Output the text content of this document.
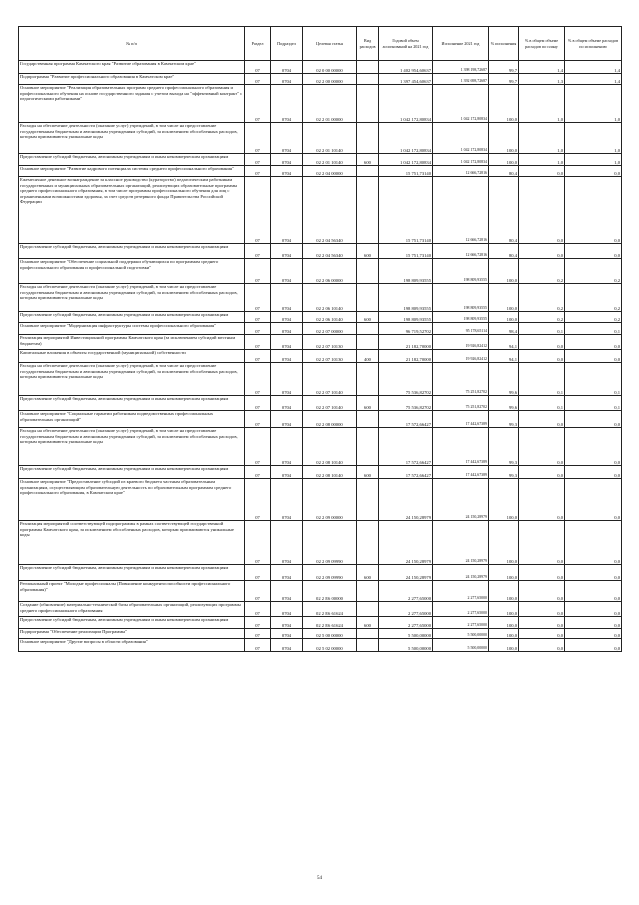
№ п/п	Раздел	Подраздел	Целевая статья	Вид расходов	Годовой объем ассигнований на 2021 год	Исполнение 2021 год	% исполнения	% в общем объеме расходов по плану	% в общем объеме расходов по исполнению
Государственная программа Камчатского края "Развитие образования в Камчатском крае"	07	0704	02 0 00 00000		1 402 954,60637	1 398 198,72687	99,7	1,4	1,4
Подпрограмма "Развитие профессионального образования в Камчатском крае"	07	0704	02 2 00 00000		1 397 454,60637	1 392 698,72687	99,7	1,3	1,4
Основное мероприятие "Реализация образовательных программ среднего профессионального образования и профессионального обучения на основе государственного задания с учетом выхода на "эффективный контракт" с педагогическими работниками"	07	0704	02 2 01 00000		1 042 172,80834	1 042 172,80834	100,0	1,0	1,0
Расходы на обеспечение деятельности (оказание услуг) учреждений, в том числе на предоставление государственным бюджетным и автономным учреждениям субсидий, за исключением обособленных расходов, которым присваиваются уникальные коды	07	0704	02 2 01 10140		1 042 172,80834	1 042 172,80834	100,0	1,0	1,0
Предоставление субсидий бюджетным, автономным учреждениям и иным некоммерческим организациям	07	0704	02 2 01 10140	600	1 042 172,80834	1 042 172,80834	100,0	1,0	1,0
Основное мероприятие "Развитие кадрового потенциала системы среднего профессионального образования"	07	0704	02 2 04 00000		15 751,73140	12 666,72816	80,4	0,0	0,0
Ежемесячное денежное вознаграждение за классное руководство (кураторство) педагогическим работникам государственных и муниципальных образовательных организаций, реализующих образовательные программы среднего профессионального образования, в том числе программы профессионального обучения для лиц с ограниченными возможностями здоровья, за счет средств резервного фонда Правительства Российской Федерации	07	0704	02 2 04 56340		15 751,73140	12 666,72816	80,4	0,0	0,0
Предоставление субсидий бюджетным, автономным учреждениям и иным некоммерческим организациям	07	0704	02 2 04 56340	600	15 751,73140	12 666,72816	80,4	0,0	0,0
Основное мероприятие "Обеспечение социальной поддержки обучающихся по программам среднего профессионального образования и профессиональной подготовки"	07	0704	02 2 06 00000		198 809,93555	198 809,93555	100,0	0,2	0,2
Расходы на обеспечение деятельности (оказание услуг) учреждений, в том числе на предоставление государственным бюджетным и автономным учреждениям субсидий, за исключением обособленных расходов, которым присваиваются уникальные коды	07	0704	02 2 06 10140		198 809,93555	198 809,93555	100,0	0,2	0,2
Предоставление субсидий бюджетным, автономным учреждениям и иным некоммерческим организациям	07	0704	02 2 06 10140	600	198 809,93555	198 809,93555	100,0	0,2	0,2
Основное мероприятие "Модернизация инфраструктуры системы профессионального образования"	07	0704	02 2 07 00000		96 719,52702	95 178,65114	98,4	0,1	0,1
Реализация мероприятий Инвестиционной программы Камчатского края (за исключением субсидий местным бюджетам)	07	0704	02 2 07 10130		21 182,70000	19 926,82412	94,1	0,0	0,0
Капитальные вложения в объекты государственной (муниципальной) собственности	07	0704	02 2 07 10130	400	21 182,70000	19 926,82412	94,1	0,0	0,0
Расходы на обеспечение деятельности (оказание услуг) учреждений, в том числе на предоставление государственным бюджетным и автономным учреждениям субсидий, за исключением обособленных расходов, которым присваиваются уникальные коды	07	0704	02 2 07 10140		75 536,82702	75 251,82702	99,6	0,1	0,1
Предоставление субсидий бюджетным, автономным учреждениям и иным некоммерческим организациям	07	0704	02 2 07 10140	600	75 536,82702	75 251,82702	99,6	0,1	0,1
Основное мероприятие "Социальные гарантии работникам подведомственных профессиональных образовательных организаций"	07	0704	02 2 08 00000		17 572,66427	17 442,67389	99,3	0,0	0,0
Расходы на обеспечение деятельности (оказание услуг) учреждений, в том числе на предоставление государственным бюджетным и автономным учреждениям субсидий, за исключением обособленных расходов, которым присваиваются уникальные коды	07	0704	02 2 08 10140		17 572,66427	17 442,67389	99,3	0,0	0,0
Предоставление субсидий бюджетным, автономным учреждениям и иным некоммерческим организациям	07	0704	02 2 08 10140	600	17 572,66427	17 442,67389	99,3	0,0	0,0
Основное мероприятие "Предоставление субсидий из краевого бюджета частным образовательным организациям, осуществляющим образовательную деятельность по образовательным программам среднего профессионального образования, в Камчатском крае"	07	0704	02 2 09 00000		24 150,28979	24 150,28979	100,0	0,0	0,0
Реализация мероприятий соответствующей подпрограммы в рамках соответствующей государственной программы Камчатского края, за исключением обособленных расходов, которым присваиваются уникальные коды	07	0704	02 2 09 09990		24 150,28979	24 150,28979	100,0	0,0	0,0
Предоставление субсидий бюджетным, автономным учреждениям и иным некоммерческим организациям	07	0704	02 2 09 09990	600	24 150,28979	24 150,28979	100,0	0,0	0,0
Региональный проект "Молодые профессионалы (Повышение конкурентоспособности профессионального образования)"	07	0704	02 2 E6 00000		2 277,65000	2 277,65000	100,0	0,0	0,0
Создание (обновление) материально-технической базы образовательных организаций, реализующих программы среднего профессионального образования	07	0704	02 2 E6 61624		2 277,65000	2 277,65000	100,0	0,0	0,0
Предоставление субсидий бюджетным, автономным учреждениям и иным некоммерческим организациям	07	0704	02 2 E6 61624	600	2 277,65000	2 277,65000	100,0	0,0	0,0
Подпрограмма "Обеспечение реализации Программы"	07	0704	02 5 00 00000		5 500,00000	5 500,00000	100,0	0,0	0,0
Основное мероприятие "Другие вопросы в области образования"	07	0704	02 5 02 00000		5 500,00000	5 500,00000	100,0	0,0	0,0
54
